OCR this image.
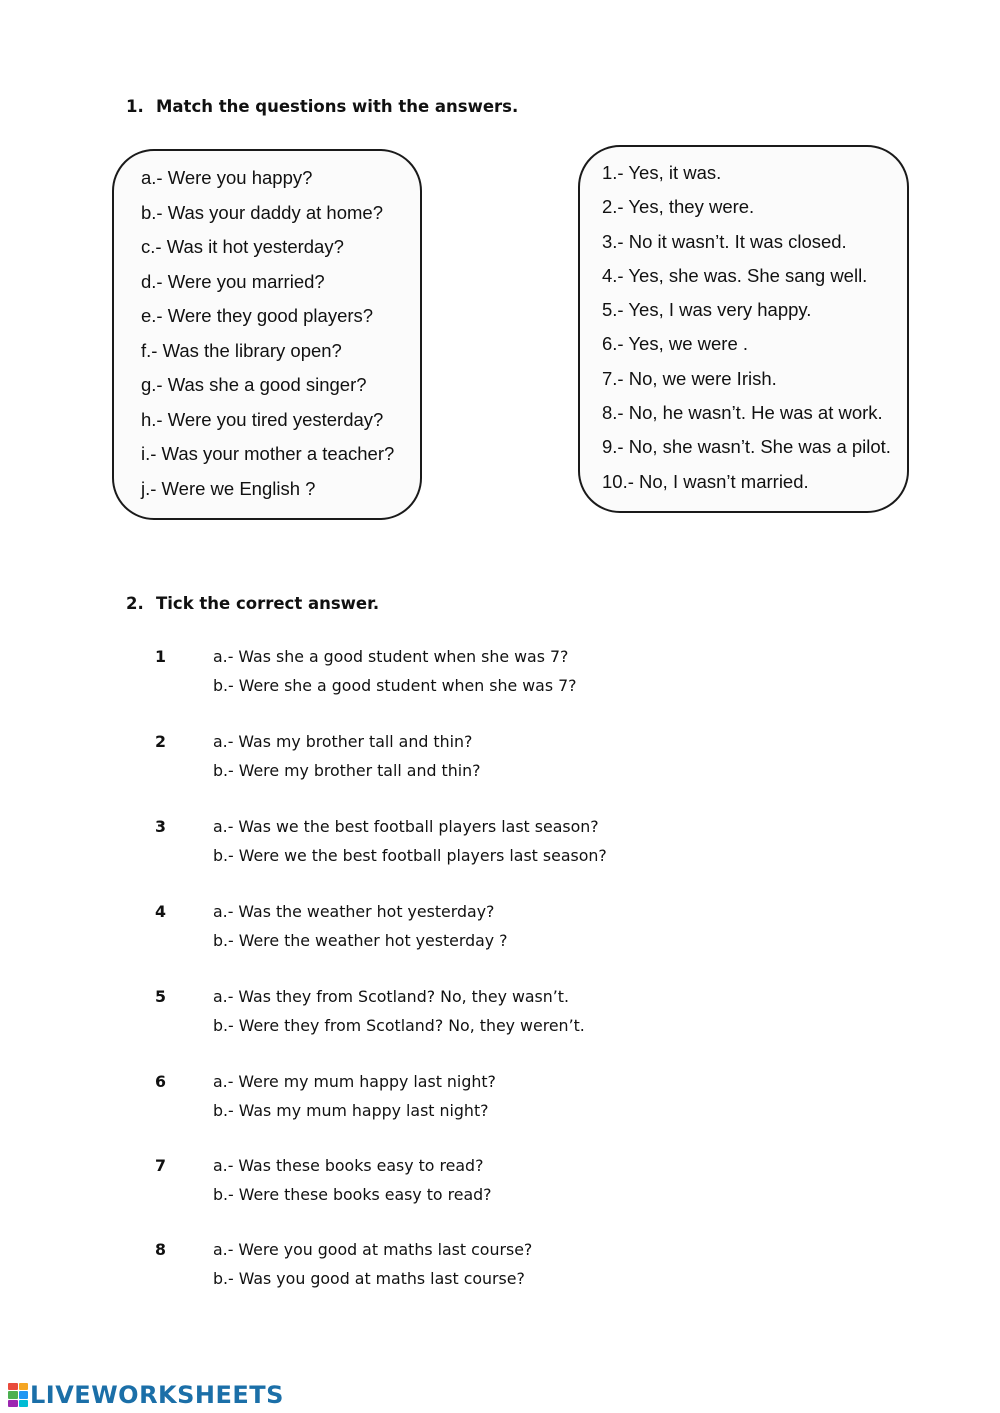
1. Match the questions with the answers.
a.- Were you happy?
b.- Was your daddy at home?
c.- Was it hot yesterday?
d.- Were you married?
e.- Were they good players?
f.- Was the library open?
g.- Was she a good singer?
h.- Were you tired yesterday?
i.- Was your mother a teacher?
j.- Were we English ?
1.- Yes, it was.
2.- Yes, they were.
3.- No it wasn’t. It was closed.
4.- Yes, she was. She sang well.
5.- Yes, I was very happy.
6.- Yes, we were .
7.- No, we were Irish.
8.- No, he wasn’t. He was at work.
9.- No, she wasn’t. She was a pilot.
10.- No, I wasn’t married.
2. Tick the correct answer.
1	a.- Was she a good student when she was 7?
b.- Were she a good student when she was 7?
2	a.- Was my brother tall and thin?
b.- Were my brother tall and thin?
3	a.- Was we the best football players last season?
b.- Were we the best football players last season?
4	a.- Was the weather hot yesterday?
b.- Were the weather hot yesterday ?
5	a.- Was they from Scotland? No, they wasn’t.
b.- Were they from Scotland? No, they weren’t.
6	a.- Were my mum happy last night?
b.- Was my mum happy last night?
7	a.- Was these books easy to read?
b.- Were these books easy to read?
8	a.- Were you good at maths last course?
b.- Was you good at maths last course?
LIVEWORKSHEETS
